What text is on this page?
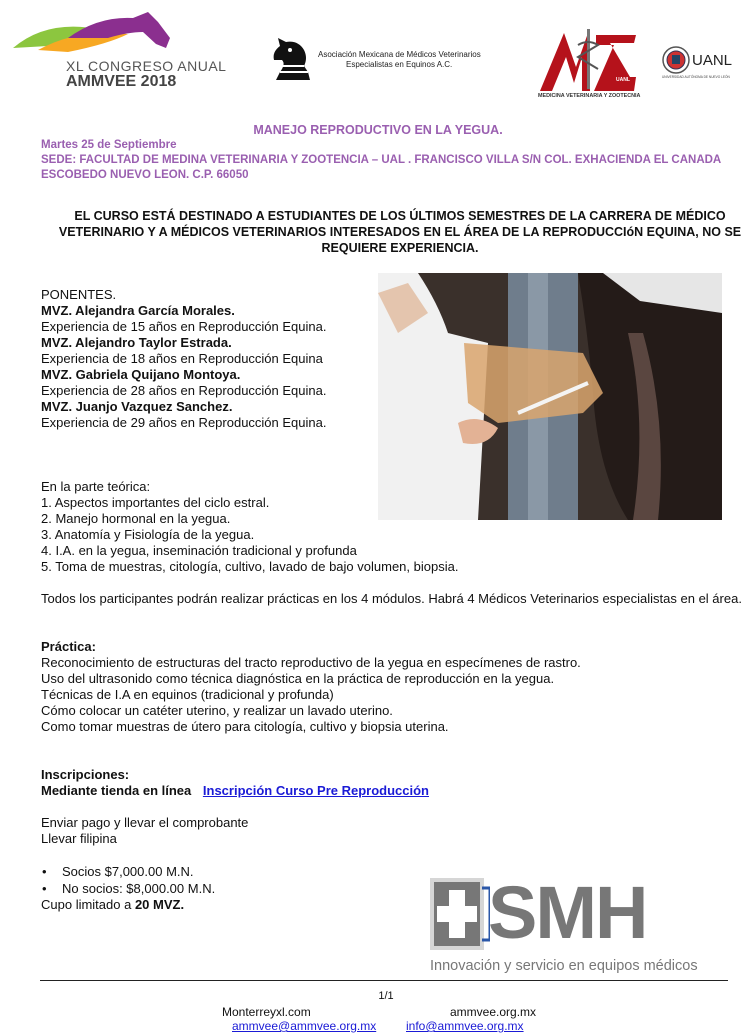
XL CONGRESO ANUAL
AMMVEE 2018
Asociación Mexicana de Médicos Veterinarios
Especialistas en Equinos A.C.
UANL
MEDICINA VETERINARIA Y ZOOTECNIA
UANL
UNIVERSIDAD AUTÓNOMA DE NUEVO LEÓN
MANEJO REPRODUCTIVO EN LA YEGUA.
Martes 25 de Septiembre
SEDE: FACULTAD DE MEDINA VETERINARIA Y ZOOTENCIA – UAL . FRANCISCO VILLA S/N COL. EXHACIENDA EL CANADA ESCOBEDO NUEVO LEON. C.P. 66050
EL CURSO ESTÁ DESTINADO A ESTUDIANTES DE LOS ÚLTIMOS SEMESTRES DE LA CARRERA DE MÉDICO VETERINARIO Y A MÉDICOS VETERINARIOS INTERESADOS EN EL ÁREA DE LA REPRODUCCIóN EQUINA, NO SE REQUIERE EXPERIENCIA.
PONENTES.
MVZ. Alejandra García Morales.
Experiencia de 15 años en Reproducción Equina.
MVZ. Alejandro Taylor Estrada.
Experiencia de 18 años en Reproducción Equina
MVZ. Gabriela Quijano Montoya.
Experiencia de 28 años en Reproducción Equina.
MVZ. Juanjo Vazquez Sanchez.
Experiencia de 29 años en Reproducción Equina.
En la parte teórica:
1. Aspectos importantes del ciclo estral.
2. Manejo hormonal en la yegua.
3. Anatomía y Fisiología de la yegua.
4. I.A. en la yegua, inseminación tradicional y profunda
5. Toma de muestras, citología, cultivo, lavado de bajo volumen, biopsia.
Todos los participantes podrán realizar prácticas en los 4 módulos. Habrá 4 Médicos Veterinarios especialistas en el área.
Práctica:
Reconocimiento de estructuras del tracto reproductivo de la yegua en especímenes de rastro.
Uso del ultrasonido como técnica diagnóstica en la práctica de reproducción en la yegua.
Técnicas de I.A en equinos (tradicional y profunda)
Cómo colocar un catéter uterino, y realizar un lavado uterino.
Como tomar muestras de útero para citología, cultivo y biopsia uterina.
Inscripciones:
Mediante tienda en línea Inscripción Curso Pre Reproducción
Enviar pago y llevar el comprobante
Llevar filipina
• Socios $7,000.00 M.N.
• No socios: $8,000.00 M.N.
Cupo limitado a 20 MVZ.	SMH
Innovación y servicio en equipos médicos
1/1
Monterreyxl.com	ammvee.org.mx
ammvee@ammvee.org.mx info@ammvee.org.mx
